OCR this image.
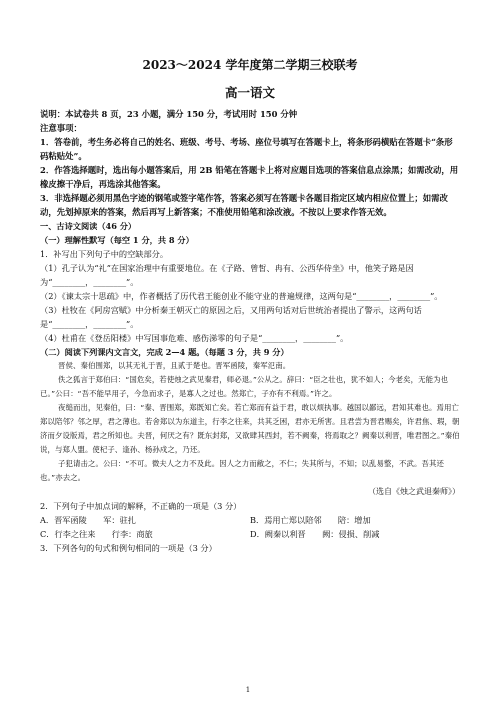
2023～2024 学年度第二学期三校联考
高一语文
说明：本试卷共 8 页，23 小题，满分 150 分，考试用时 150 分钟
注意事项：
1．答卷前，考生务必将自己的姓名、班级、考号、考场、座位号填写在答题卡上，将条形码横贴在答题卡“条形码粘贴处”。
2．作答选择题时，选出每小题答案后，用 2B 铅笔在答题卡上将对应题目选项的答案信息点涂黑；如需改动，用橡皮擦干净后，再选涂其他答案。
3．非选择题必须用黑色字迹的钢笔或签字笔作答，答案必须写在答题卡各题目指定区域内相应位置上；如需改动，先划掉原来的答案，然后再写上新答案；不准使用铅笔和涂改液。不按以上要求作答无效。
一、古诗文阅读（46 分）
（一）理解性默写（每空 1 分，共 8 分）
1．补写出下列句子中的空缺部分。
（1）孔子认为“礼”在国家治理中有重要地位。在《子路、曾皙、冉有、公西华侍坐》中，他笑子路是因为“________，________”。
（2）《谏太宗十思疏》中，作者概括了历代君王能创业不能守业的普遍规律，这两句是“________，________”。
（3）杜牧在《阿房宫赋》中分析秦王朝灭亡的原因之后，又用两句话对后世统治者提出了警示，这两句话是“________，________”。
（4）杜甫在《登岳阳楼》中写国事危难、感伤涕零的句子是“________，________”。
（二）阅读下列课内文言文，完成 2—4 题。（每题 3 分，共 9 分）
晋侯、秦伯围郑，以其无礼于晋，且贰于楚也。晋军函陵，秦军氾南。
佚之狐言于郑伯曰：“国危矣，若使烛之武见秦君，师必退。”公从之。辞曰：“臣之壮也，犹不如人；今老矣，无能为也已。”公曰：“吾不能早用子，今急而求子，是寡人之过也。然郑亡，子亦有不利焉。”许之。
夜缒而出，见秦伯，曰：“秦、晋围郑，郑既知亡矣。若亡郑而有益于君，敢以烦执事。越国以鄙远，君知其难也。焉用亡郑以陪邻？邻之厚，君之薄也。若舍郑以为东道主，行李之往来，共其乏困，君亦无所害。且君尝为晋君赐矣，许君焦、瑕，朝济而夕设版焉，君之所知也。夫晋，何厌之有？既东封郑，又欲肆其西封，若不阙秦，将焉取之？阙秦以利晋，唯君图之。”秦伯说，与郑人盟。使杞子、逢孙、杨孙戍之，乃还。
子犯请击之。公曰：“不可。微夫人之力不及此。因人之力而敝之，不仁；失其所与，不知；以乱易整，不武。吾其还也。”亦去之。
（选自《烛之武退秦师》）
2．下列句子中加点词的解释，不正确的一项是（3 分）
A．晋军函陵　　军：驻扎	B．焉用亡郑以陪邻　　陪：增加
C．行李之往来　　行李：商旅	D．阙秦以利晋　　阙：侵损、削减
3．下列各句的句式和例句相同的一项是（3 分）
1
